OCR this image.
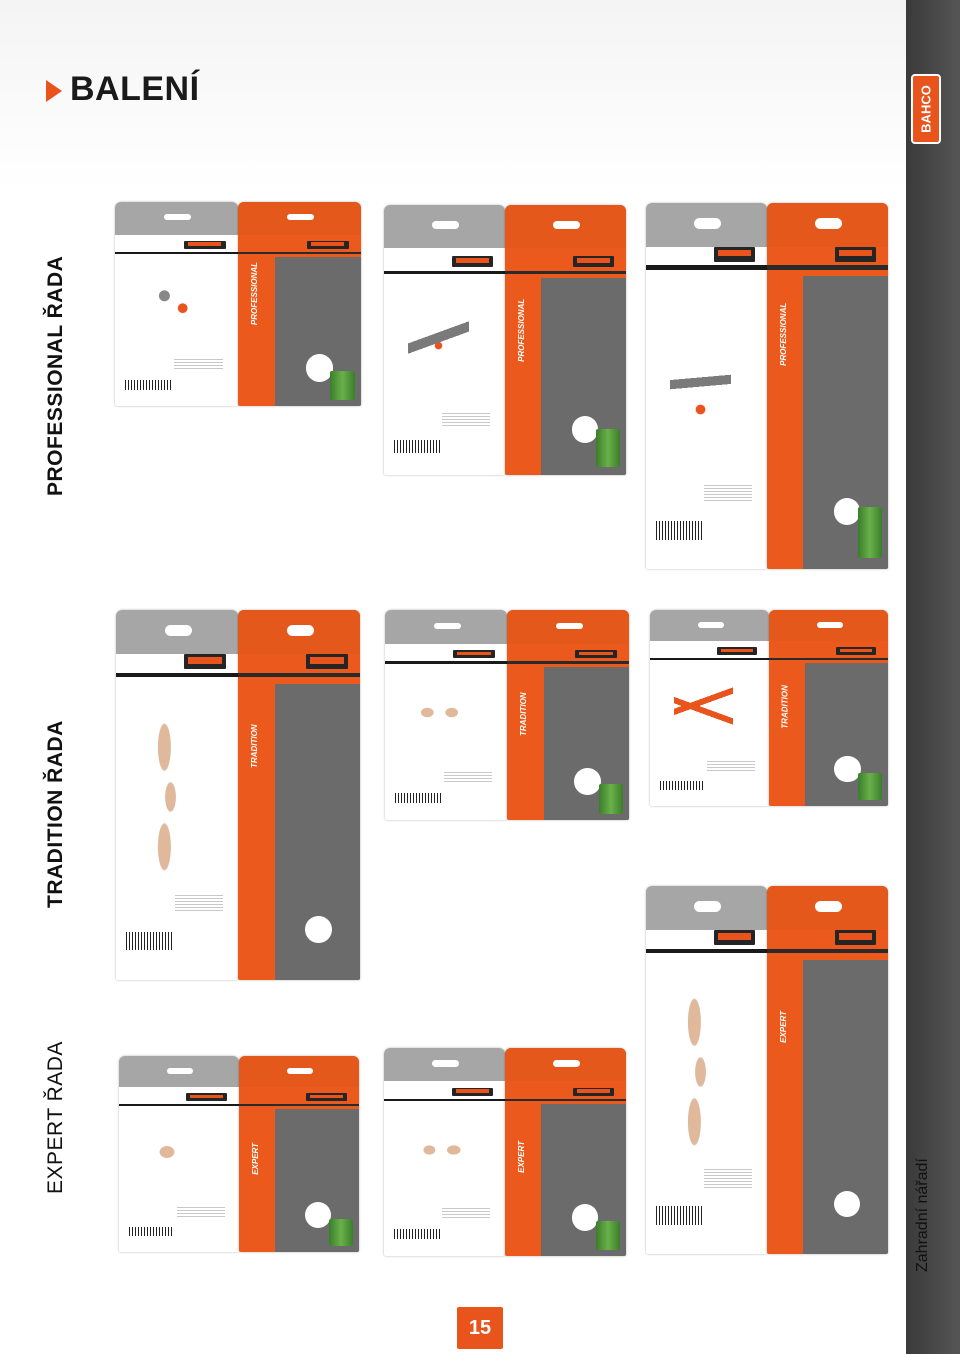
BALENÍ	BAHCO
Zahradní nářadí
PROFESSIONAL ŘADA
TRADITION ŘADA
EXPERT ŘADA
PROFESSIONAL
PROFESSIONAL	PROFESSIONAL
TRADITION
TRADITION	TRADITION
EXPERT	EXPERT
EXPERT
15
